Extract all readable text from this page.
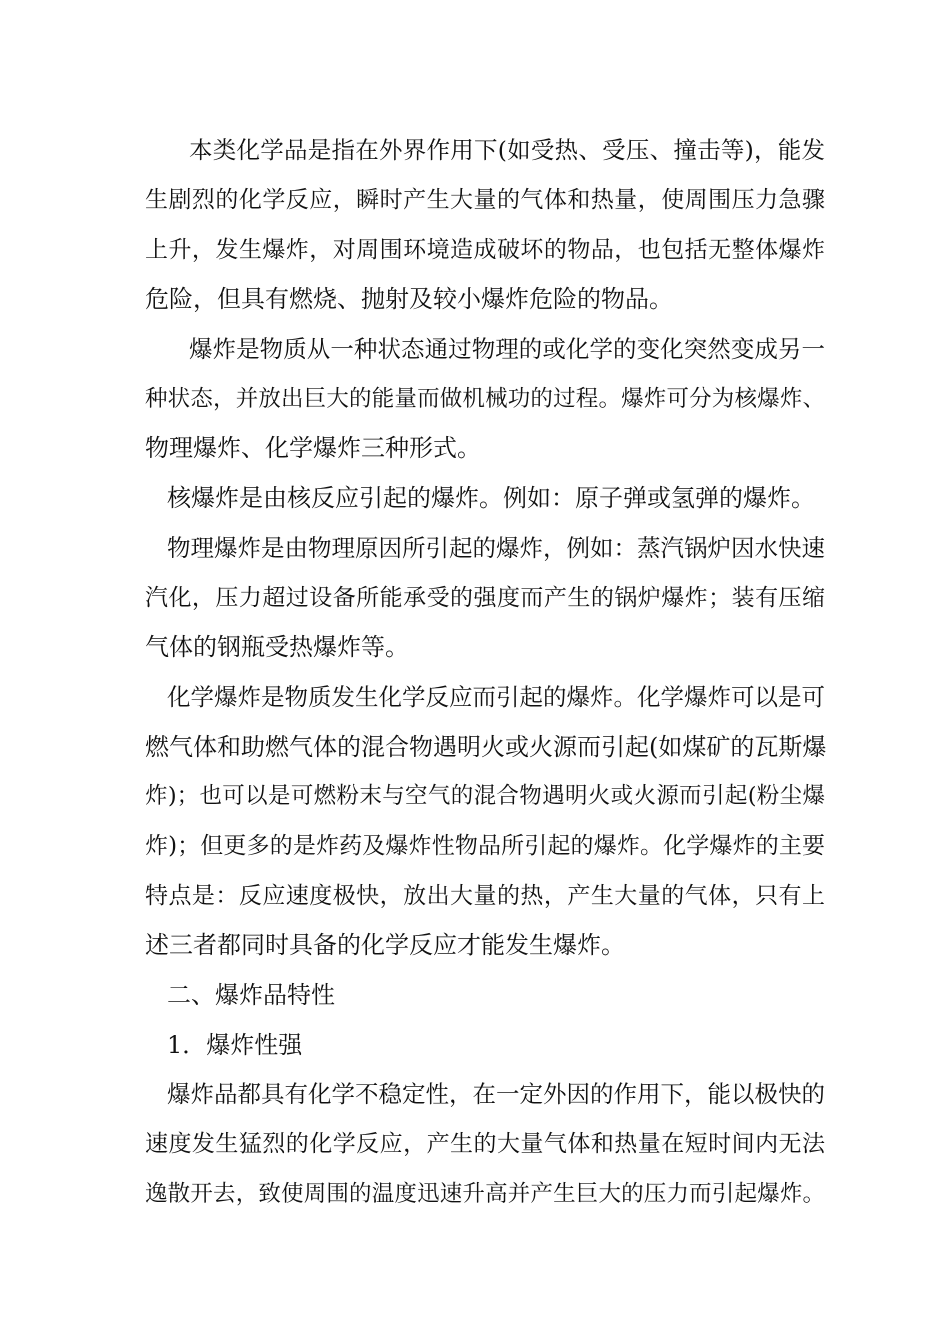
本类化学品是指在外界作用下(如受热、受压、撞击等)，能发
生剧烈的化学反应，瞬时产生大量的气体和热量，使周围压力急骤
上升，发生爆炸，对周围环境造成破坏的物品，也包括无整体爆炸
危险，但具有燃烧、抛射及较小爆炸危险的物品。
爆炸是物质从一种状态通过物理的或化学的变化突然变成另一
种状态，并放出巨大的能量而做机械功的过程。爆炸可分为核爆炸、
物理爆炸、化学爆炸三种形式。
核爆炸是由核反应引起的爆炸。例如：原子弹或氢弹的爆炸。
物理爆炸是由物理原因所引起的爆炸，例如：蒸汽锅炉因水快速
汽化，压力超过设备所能承受的强度而产生的锅炉爆炸；装有压缩
气体的钢瓶受热爆炸等。
化学爆炸是物质发生化学反应而引起的爆炸。化学爆炸可以是可
燃气体和助燃气体的混合物遇明火或火源而引起(如煤矿的瓦斯爆
炸)；也可以是可燃粉末与空气的混合物遇明火或火源而引起(粉尘爆
炸)；但更多的是炸药及爆炸性物品所引起的爆炸。化学爆炸的主要
特点是：反应速度极快，放出大量的热，产生大量的气体，只有上
述三者都同时具备的化学反应才能发生爆炸。
二、爆炸品特性
1．爆炸性强
爆炸品都具有化学不稳定性，在一定外因的作用下，能以极快的
速度发生猛烈的化学反应，产生的大量气体和热量在短时间内无法
逸散开去，致使周围的温度迅速升高并产生巨大的压力而引起爆炸。
